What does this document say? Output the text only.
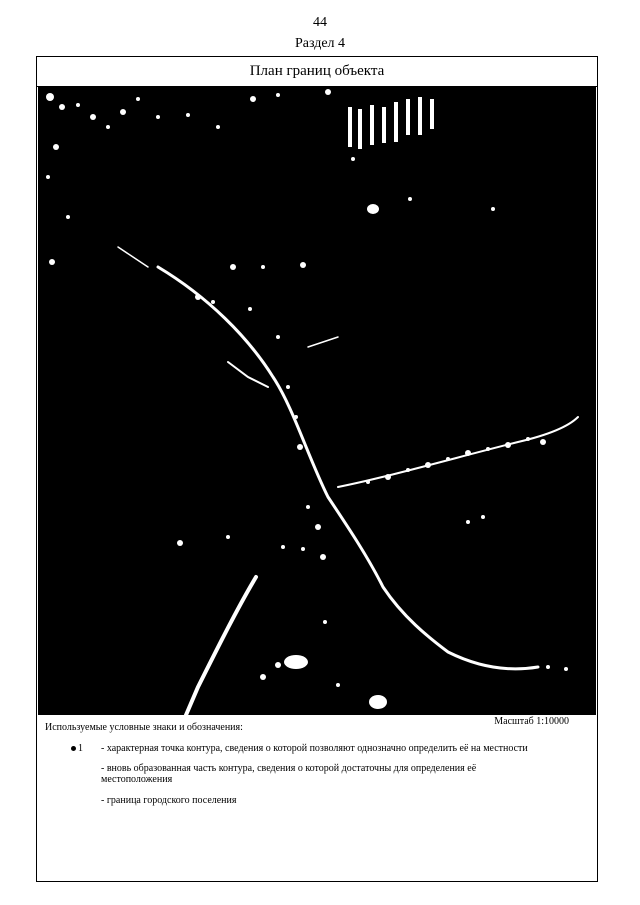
44
Раздел 4
План границ объекта
Используемые условные знаки и обозначения:
Масштаб 1:10000
1 - характерная точка контура, сведения о которой позволяют однозначно определить её на местности
- вновь образованная часть контура, сведения о которой достаточны для определения её местоположения
- граница городского поселения
